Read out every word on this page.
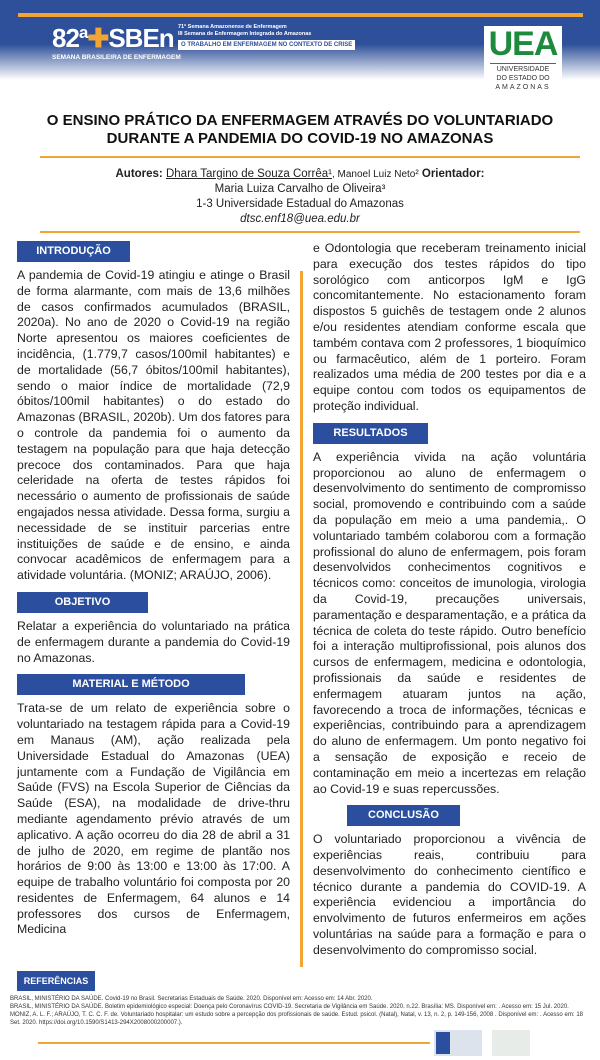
82ª✚SBEn
SEMANA BRASILEIRA DE ENFERMAGEM
71ª Semana Amazonense de Enfermagem
III Semana de Enfermagem Integrada do Amazonas
O TRABALHO EM ENFERMAGEM NO CONTEXTO DE CRISE	UEA
UNIVERSIDADE
DO ESTADO DO
AMAZONAS
O ENSINO PRÁTICO DA ENFERMAGEM ATRAVÉS DO VOLUNTARIADO
DURANTE A PANDEMIA DO COVID-19 NO AMAZONAS
Autores: Dhara Targino de Souza Corrêa¹, Manoel Luiz Neto² Orientador: Maria Luiza Carvalho de Oliveira³
1-3 Universidade Estadual do Amazonas
dtsc.enf18@uea.edu.br
INTRODUÇÃO
A pandemia de Covid-19 atingiu e atinge o Brasil de forma alarmante, com mais de 13,6 milhões de casos confirmados acumulados (BRASIL, 2020a). No ano de 2020 o Covid-19 na região Norte apresentou os maiores coeficientes de incidência, (1.779,7 casos/100mil habitantes) e de mortalidade (56,7 óbitos/100mil habitantes), sendo o maior índice de mortalidade (72,9 óbitos/100mil habitantes) o do estado do Amazonas (BRASIL, 2020b). Um dos fatores para o controle da pandemia foi o aumento da testagem na população para que haja detecção precoce dos contaminados. Para que haja celeridade na oferta de testes rápidos foi necessário o aumento de profissionais de saúde engajados nessa atividade. Dessa forma, surgiu a necessidade de se instituir parcerias entre instituições de saúde e de ensino, e ainda convocar acadêmicos de enfermagem para a atividade voluntária. (MONIZ; ARAÚJO, 2006).
OBJETIVO
Relatar a experiência do voluntariado na prática de enfermagem durante a pandemia do Covid-19 no Amazonas.
MATERIAL E MÉTODO
Trata-se de um relato de experiência sobre o voluntariado na testagem rápida para a Covid-19 em Manaus (AM), ação realizada pela Universidade Estadual do Amazonas (UEA) juntamente com a Fundação de Vigilância em Saúde (FVS) na Escola Superior de Ciências da Saúde (ESA), na modalidade de drive-thru mediante agendamento prévio através de um aplicativo. A ação ocorreu do dia 28 de abril a 31 de julho de 2020, em regime de plantão nos horários de 9:00 às 13:00 e 13:00 às 17:00. A equipe de trabalho voluntário foi composta por 20 residentes de Enfermagem, 64 alunos e 14 professores dos cursos de Enfermagem, Medicina
e Odontologia que receberam treinamento inicial para execução dos testes rápidos do tipo sorológico com anticorpos IgM e IgG concomitantemente. No estacionamento foram dispostos 5 guichês de testagem onde 2 alunos e/ou residentes atendiam conforme escala que também contava com 2 professores, 1 bioquímico ou farmacêutico, além de 1 porteiro. Foram realizados uma média de 200 testes por dia e a equipe contou com todos os equipamentos de proteção individual.
RESULTADOS
A experiência vivida na ação voluntária proporcionou ao aluno de enfermagem o desenvolvimento do sentimento de compromisso social, promovendo e contribuindo com a saúde da população em meio a uma pandemia,. O voluntariado também colaborou com a formação profissional do aluno de enfermagem, pois foram desenvolvidos conhecimentos cognitivos e técnicos como: conceitos de imunologia, virologia da Covid-19, precauções universais, paramentação e desparamentação, e a prática da técnica de coleta do teste rápido. Outro benefício foi a interação multiprofissional, pois alunos dos cursos de enfermagem, medicina e odontologia, profissionais da saúde e residentes de enfermagem atuaram juntos na ação, favorecendo a troca de informações, técnicas e experiências, contribuindo para a aprendizagem do aluno de enfermagem. Um ponto negativo foi a sensação de exposição e receio de contaminação em meio a incertezas em relação ao Covid-19 e suas repercussões.
CONCLUSÃO
O voluntariado proporcionou a vivência de experiências reais, contribuiu para desenvolvimento do conhecimento científico e técnico durante a pandemia do COVID-19. A experiência evidenciou a importância do envolvimento de futuros enfermeiros em ações voluntárias na saúde para a formação e para o desenvolvimento do compromisso social.
REFERÊNCIAS
BRASIL, MINISTÉRIO DA SAÚDE. Covid-19 no Brasil. Secretarias Estaduais de Saúde. 2020. Disponível em: Acesso em: 14 Abr. 2020.
BRASIL, MINISTÉRIO DA SAÚDE. Boletim epidemiológico especial: Doença pelo Coronavírus COVID-19. Secretaria de Vigilância em Saúde. 2020. n.22. Brasília: MS. Disponível em: . Acesso em: 15 Jul. 2020.
MONIZ, A. L. F.; ARAÚJO, T. C. C. F. de. Voluntariado hospitalar: um estudo sobre a percepção dos profissionais de saúde. Estud. psicol. (Natal), Natal, v. 13, n. 2, p. 149-156, 2008 . Disponível em: . Acesso em: 18 Set. 2020. https://doi.org/10.1590/S1413-294X2008000200007.).
